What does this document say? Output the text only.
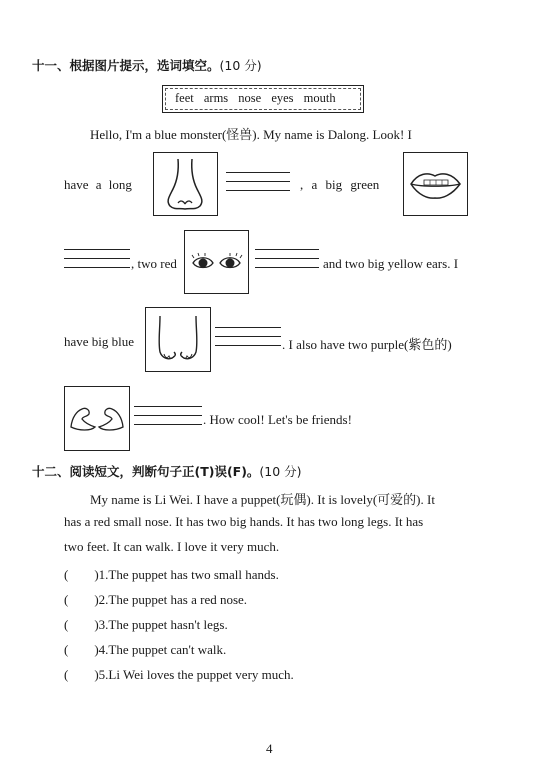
十一、根据图片提示，选词填空。(10 分)
feet arms nose eyes mouth
Hello, I'm a blue monster(怪兽). My name is Dalong. Look! I
have a long	, a big green
, two red	and two big yellow ears. I
have big blue	. I also have two purple(紫色的)
. How cool! Let's be friends!
十二、阅读短文，判断句子正(T)误(F)。(10 分)
My name is Li Wei. I have a puppet(玩偶). It is lovely(可爱的). It
has a red small nose. It has two big hands. It has two long legs. It has
two feet. It can walk. I love it very much.
(　　)1.The puppet has two small hands.
(　　)2.The puppet has a red nose.
(　　)3.The puppet hasn't legs.
(　　)4.The puppet can't walk.
(　　)5.Li Wei loves the puppet very much.
4
